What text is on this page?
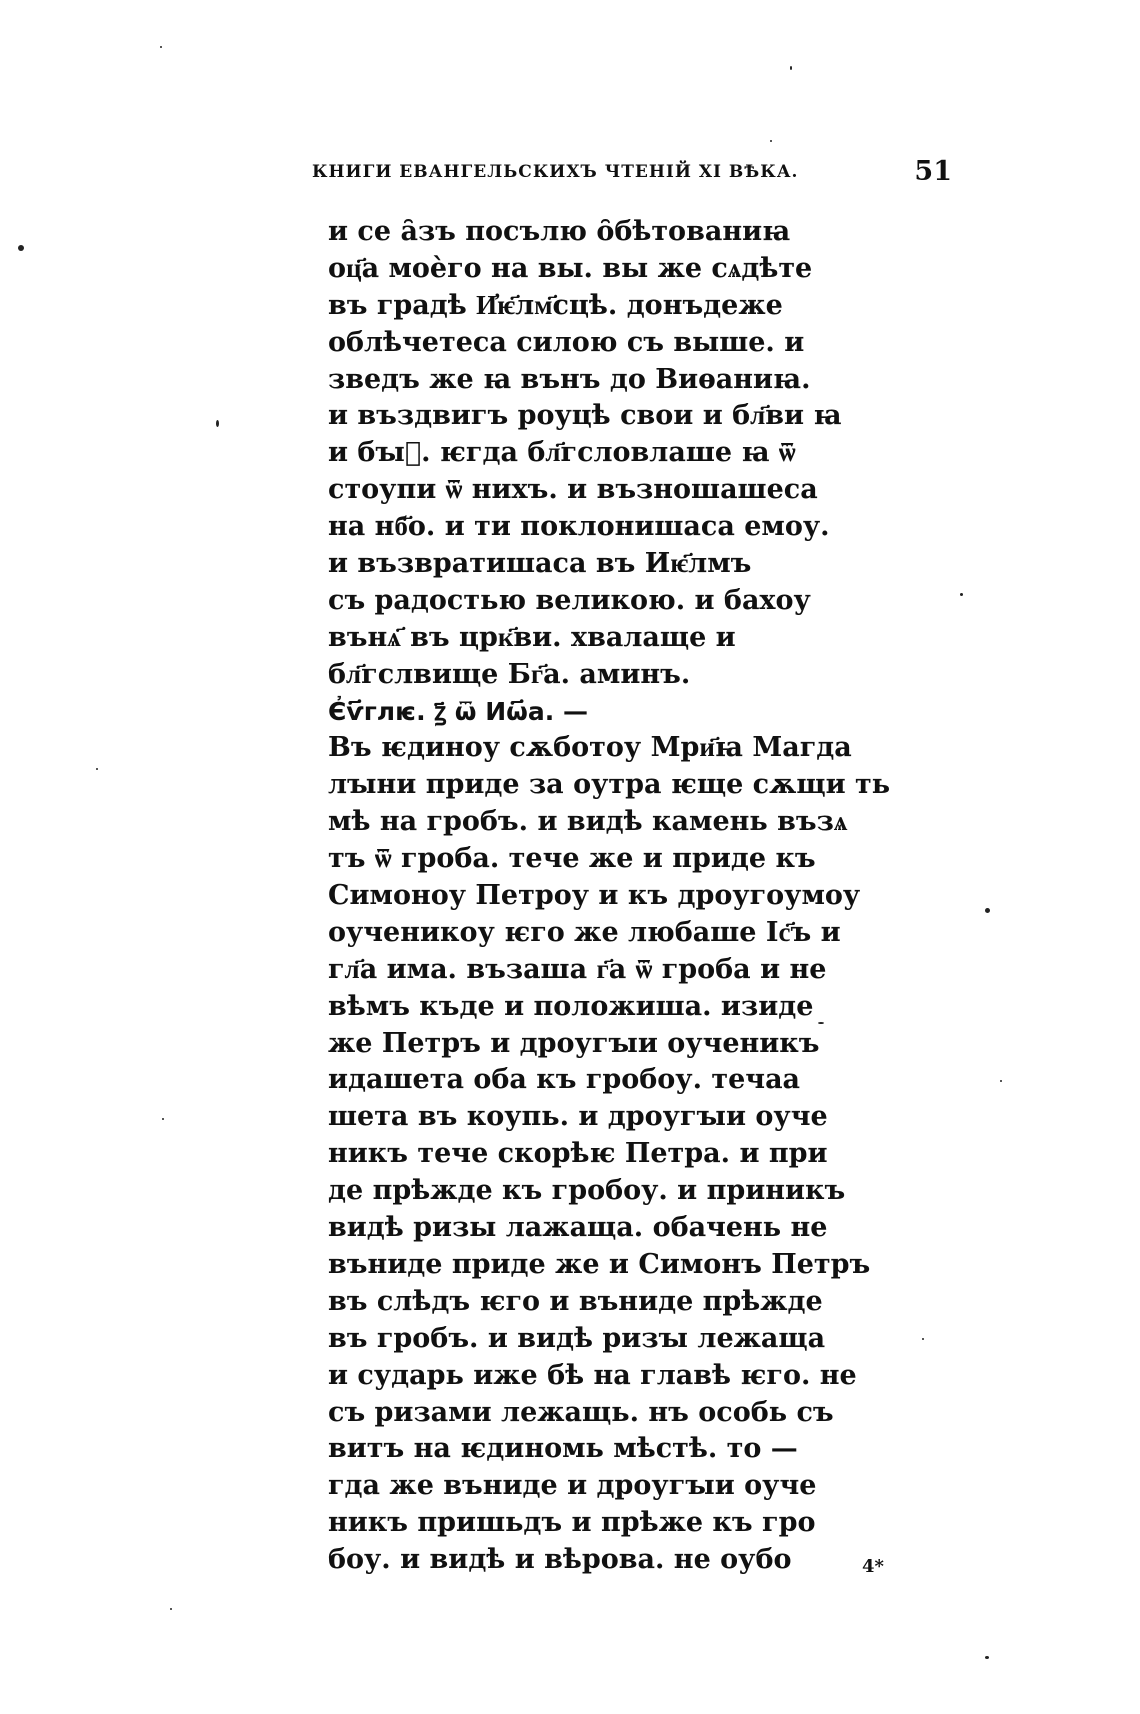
КНИГИ ЕВАНГЕЛЬСКИХЪ ЧТЕНІЙ XI ВѢКА.	51
и се ȃзъ посълю ȏбѣтованиꙗ
оц҃а моѐго на вы. вы же сѧдѣте
въ градѣ И҆ѥ҃лм҃сцѣ. донъдеже
облѣчетеса силою съ выше. и
зведъ же ꙗ вънъ до Виѳаниꙗ.
и въздвигъ роуцѣ свои и бл҃ви ꙗ
и бꙑ҃. ѥгда бл҃гсловлаше ꙗ ѿ
стоупи ѿ нихъ. и възношашеса
на нб҃о. и ти поклонишаса емоу.
и възвратишаса въ Иѥ҃лмъ
съ радостью великою. и бахоу
вънѧ҃ въ црк҃ви. хвалаще и
бл҃гслвище Бг҃а. аминъ.
Є҆ѵ҃глѥ. ꙁ҃ ѿ Иѡ҃а. —
Въ ѥдиноу сѫботоу Мри҃ꙗ Магда
лꙑни приде за оутра ѥще сѫщи ть
мѣ на гробъ. и видѣ камень възѧ
тъ ѿ гроба. тече же и приде къ
Симоноу Петроу и къ дроугоумоу
оученикоу ѥго же любаше Іс҃ъ и
гл҃а има. възаша г҃а ѿ гроба и не
вѣмъ къде и положиша. изиде
же Петръ и дроугꙑи оученикъ
идашета оба къ гробоу. течаа
шета въ коупь. и дроугꙑи оуче
никъ тече скорѣѥ Петра. и при
де прѣжде къ гробоу. и приникъ
видѣ ризы лажаща. обачень не
вънидe приде же и Симонъ Петръ
въ слѣдъ ѥго и вънидe прѣжде
въ гробъ. и видѣ ризꙑ лежаща
и сударь иже бѣ на главѣ ѥго. не
съ ризами лежащь. нъ особь съ
витъ на ѥдиномь мѣстѣ. то —
гда же вънидe и дроугꙑи оуче
никъ пришьдъ и прѣже къ гро
боу. и видѣ и вѣрова. не оубо	4*
